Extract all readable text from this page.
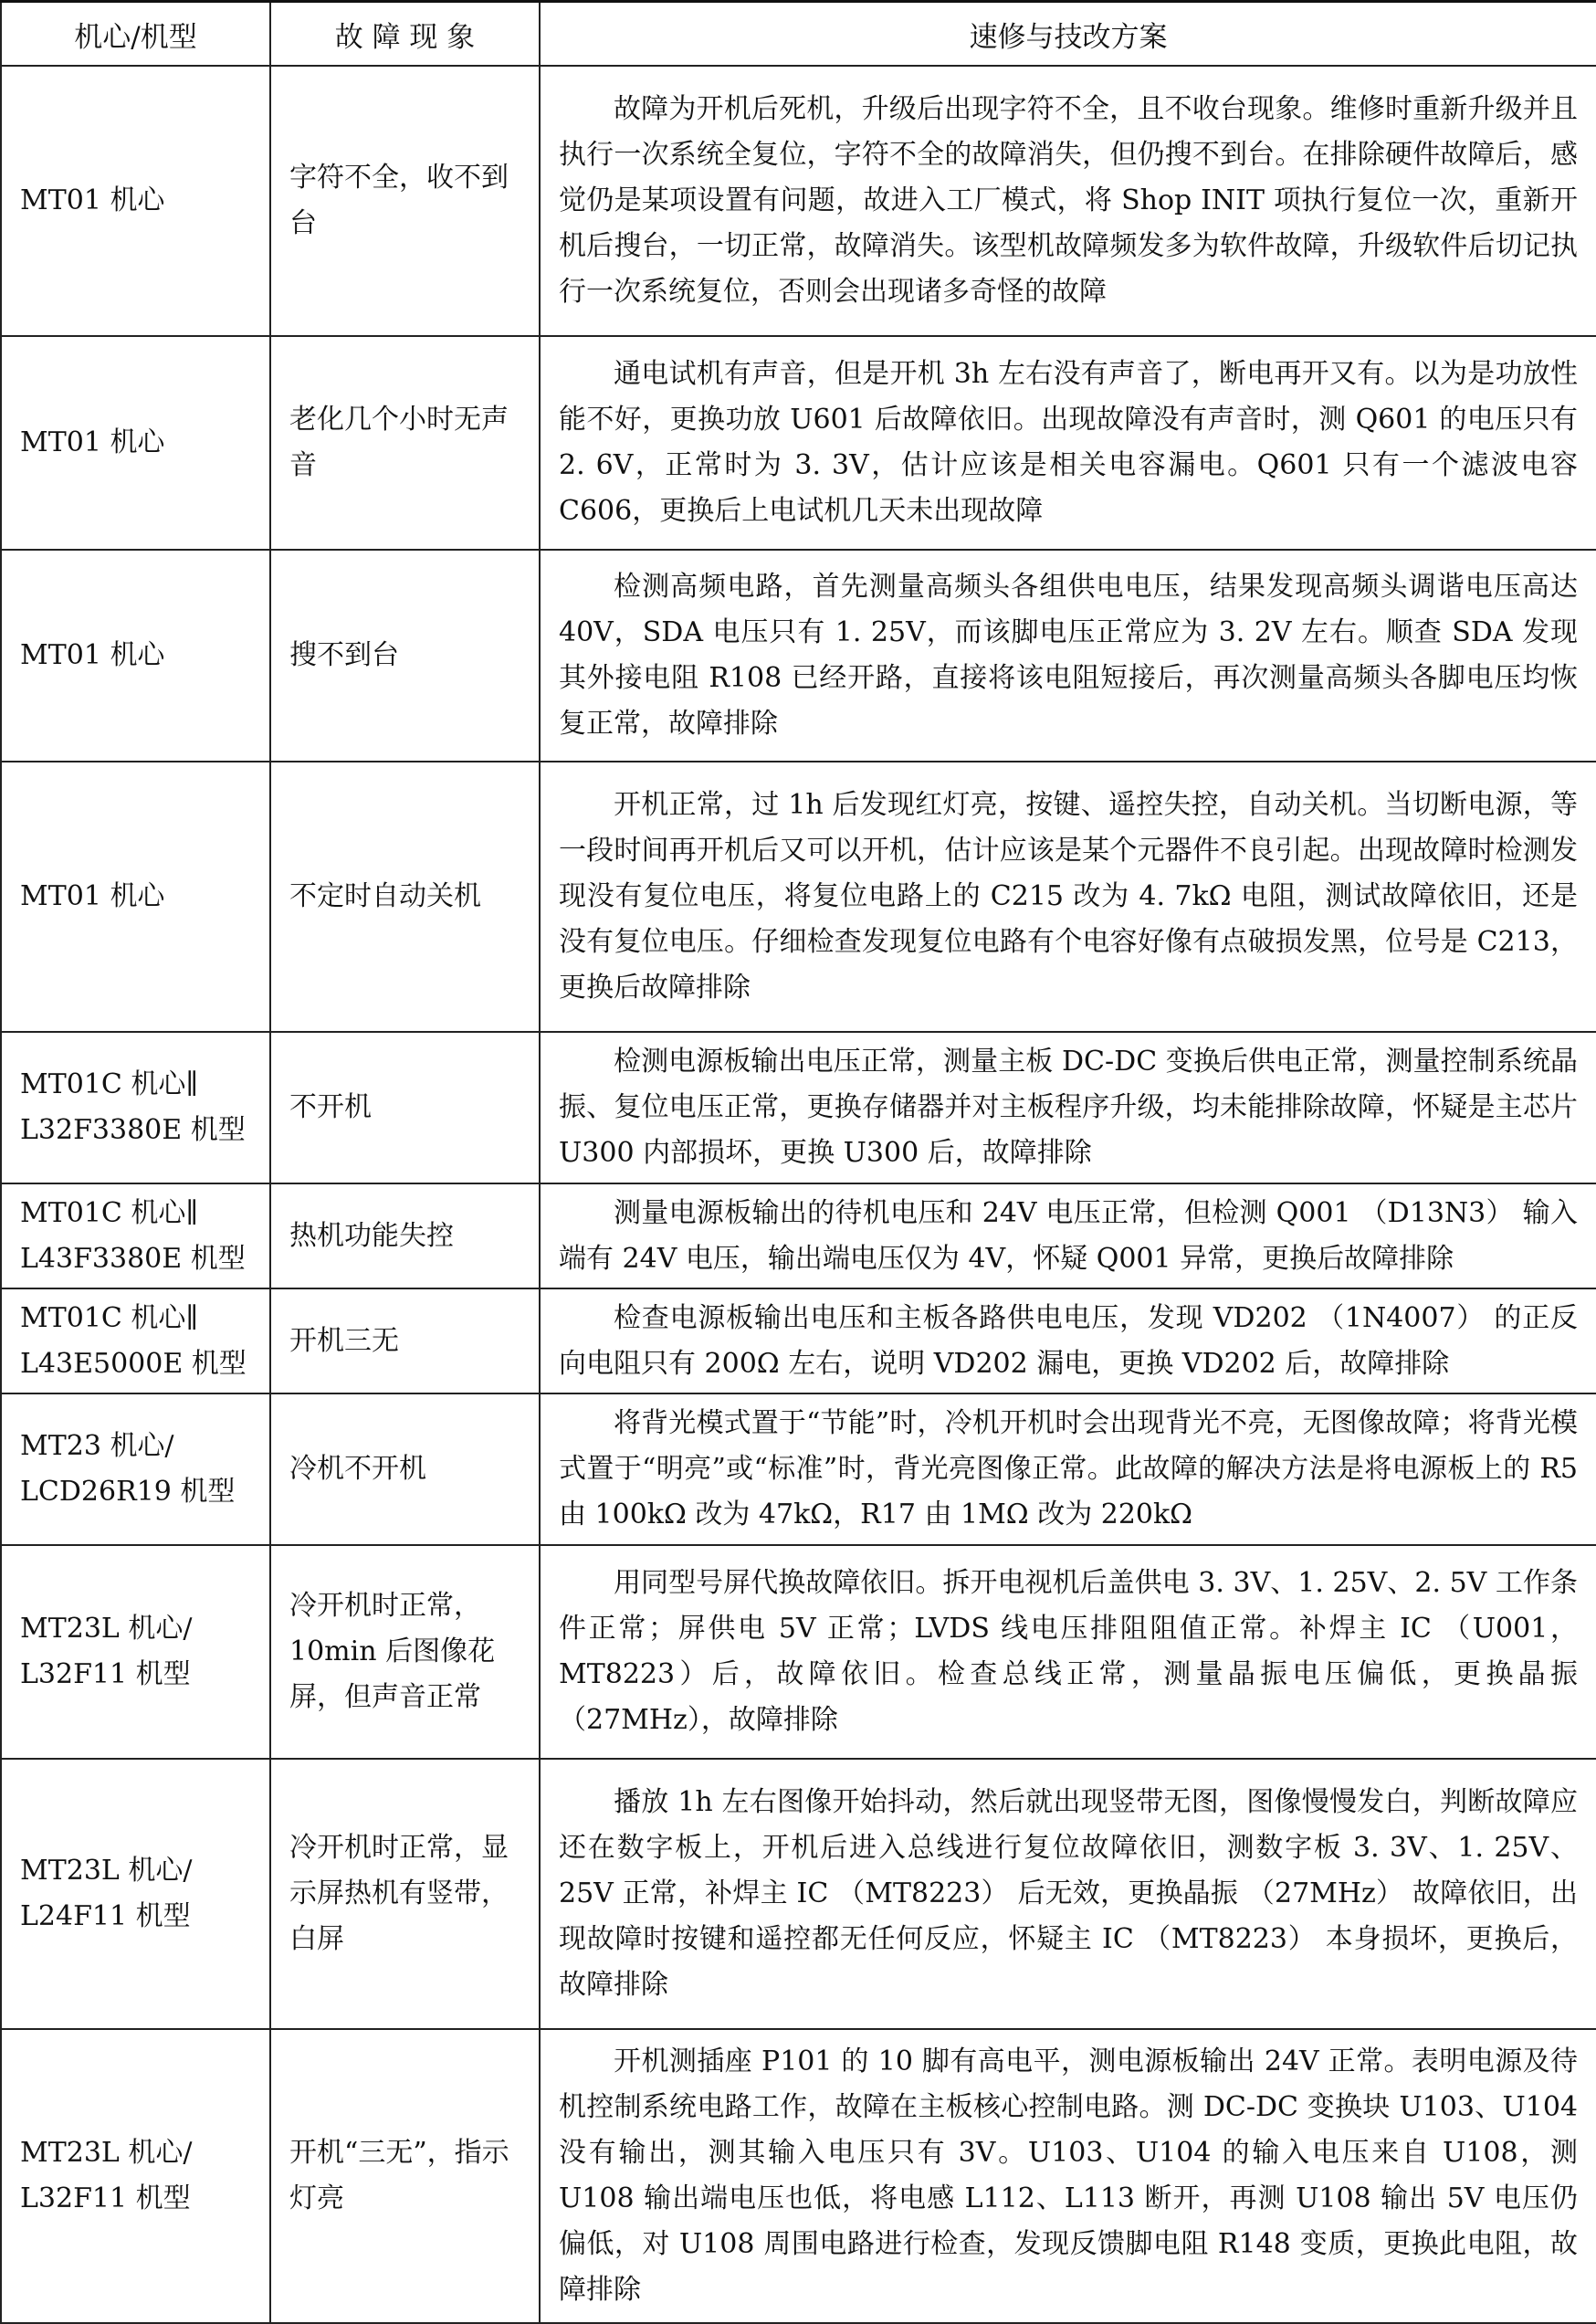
机心/机型	故 障 现 象	速修与技改方案

MT01 机心	字符不全，收不到台	故障为开机后死机，升级后出现字符不全，且不收台现象。维修时重新升级并且执行一次系统全复位，字符不全的故障消失，但仍搜不到台。在排除硬件故障后，感觉仍是某项设置有问题，故进入工厂模式，将 Shop INIT 项执行复位一次，重新开机后搜台，一切正常，故障消失。该型机故障频发多为软件故障，升级软件后切记执行一次系统复位，否则会出现诸多奇怪的故障

MT01 机心	老化几个小时无声音	通电试机有声音，但是开机 3h 左右没有声音了，断电再开又有。以为是功放性能不好，更换功放 U601 后故障依旧。出现故障没有声音时，测 Q601 的电压只有 2. 6V，正常时为 3. 3V，估计应该是相关电容漏电。Q601 只有一个滤波电容 C606，更换后上电试机几天未出现故障

MT01 机心	搜不到台	检测高频电路，首先测量高频头各组供电电压，结果发现高频头调谐电压高达 40V，SDA 电压只有 1. 25V，而该脚电压正常应为 3. 2V 左右。顺查 SDA 发现其外接电阻 R108 已经开路，直接将该电阻短接后，再次测量高频头各脚电压均恢复正常，故障排除

MT01 机心	不定时自动关机	开机正常，过 1h 后发现红灯亮，按键、遥控失控，自动关机。当切断电源，等一段时间再开机后又可以开机，估计应该是某个元器件不良引起。出现故障时检测发现没有复位电压，将复位电路上的 C215 改为 4. 7kΩ 电阻，测试故障依旧，还是没有复位电压。仔细检查发现复位电路有个电容好像有点破损发黑，位号是 C213，更换后故障排除

MT01C 机心∥
L32F3380E 机型	不开机	检测电源板输出电压正常，测量主板 DC-DC 变换后供电正常，测量控制系统晶振、复位电压正常，更换存储器并对主板程序升级，均未能排除故障，怀疑是主芯片 U300 内部损坏，更换 U300 后，故障排除

MT01C 机心∥
L43F3380E 机型	热机功能失控	测量电源板输出的待机电压和 24V 电压正常，但检测 Q001 （D13N3） 输入端有 24V 电压，输出端电压仅为 4V，怀疑 Q001 异常，更换后故障排除

MT01C 机心∥
L43E5000E 机型	开机三无	检查电源板输出电压和主板各路供电电压，发现 VD202 （1N4007） 的正反向电阻只有 200Ω 左右，说明 VD202 漏电，更换 VD202 后，故障排除

MT23 机心/
LCD26R19 机型	冷机不开机	将背光模式置于“节能”时，冷机开机时会出现背光不亮，无图像故障；将背光模式置于“明亮”或“标准”时，背光亮图像正常。此故障的解决方法是将电源板上的 R5 由 100kΩ 改为 47kΩ，R17 由 1MΩ 改为 220kΩ

MT23L 机心/
L32F11 机型	冷开机时正常，10min 后图像花屏，但声音正常	用同型号屏代换故障依旧。拆开电视机后盖供电 3. 3V、1. 25V、2. 5V 工作条件正常；屏供电 5V 正常；LVDS 线电压排阻阻值正常。补焊主 IC （U001，MT8223）后，故障依旧。检查总线正常，测量晶振电压偏低，更换晶振（27MHz），故障排除

MT23L 机心/
L24F11 机型	冷开机时正常，显示屏热机有竖带，白屏	播放 1h 左右图像开始抖动，然后就出现竖带无图，图像慢慢发白，判断故障应还在数字板上，开机后进入总线进行复位故障依旧，测数字板 3. 3V、1. 25V、25V 正常，补焊主 IC （MT8223） 后无效，更换晶振 （27MHz） 故障依旧，出现故障时按键和遥控都无任何反应，怀疑主 IC （MT8223） 本身损坏，更换后，故障排除

MT23L 机心/
L32F11 机型	开机“三无”，指示灯亮	开机测插座 P101 的 10 脚有高电平，测电源板输出 24V 正常。表明电源及待机控制系统电路工作，故障在主板核心控制电路。测 DC-DC 变换块 U103、U104 没有输出，测其输入电压只有 3V。U103、U104 的输入电压来自 U108，测 U108 输出端电压也低，将电感 L112、L113 断开，再测 U108 输出 5V 电压仍偏低，对 U108 周围电路进行检查，发现反馈脚电阻 R148 变质，更换此电阻，故障排除
